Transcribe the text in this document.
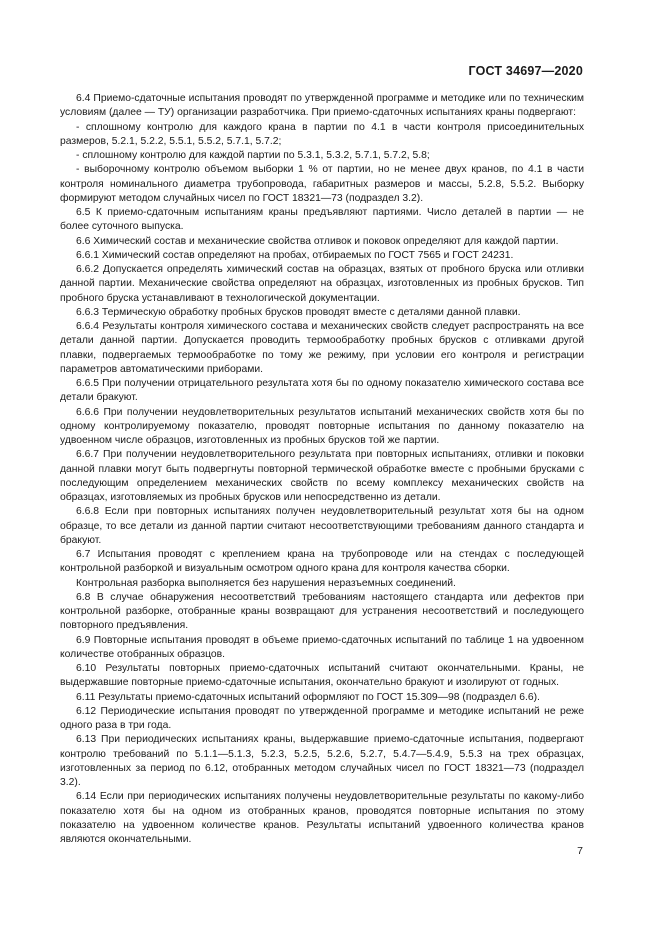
ГОСТ 34697—2020

6.4 Приемо-сдаточные испытания проводят по утвержденной программе и методике или по техническим условиям (далее — ТУ) организации разработчика. При приемо-сдаточных испытаниях краны подвергают:

- сплошному контролю для каждого крана в партии по 4.1 в части контроля присоединительных размеров, 5.2.1, 5.2.2, 5.5.1, 5.5.2, 5.7.1, 5.7.2;

- сплошному контролю для каждой партии по 5.3.1, 5.3.2, 5.7.1, 5.7.2, 5.8;

- выборочному контролю объемом выборки 1 % от партии, но не менее двух кранов, по 4.1 в части контроля номинального диаметра трубопровода, габаритных размеров и массы, 5.2.8, 5.5.2. Выборку формируют методом случайных чисел по ГОСТ 18321—73 (подраздел 3.2).

6.5 К приемо-сдаточным испытаниям краны предъявляют партиями. Число деталей в партии — не более суточного выпуска.

6.6 Химический состав и механические свойства отливок и поковок определяют для каждой партии.

6.6.1 Химический состав определяют на пробах, отбираемых по ГОСТ 7565 и ГОСТ 24231.

6.6.2 Допускается определять химический состав на образцах, взятых от пробного бруска или отливки данной партии. Механические свойства определяют на образцах, изготовленных из пробных брусков. Тип пробного бруска устанавливают в технологической документации.

6.6.3 Термическую обработку пробных брусков проводят вместе с деталями данной плавки.

6.6.4 Результаты контроля химического состава и механических свойств следует распространять на все детали данной партии. Допускается проводить термообработку пробных брусков с отливками другой плавки, подвергаемых термообработке по тому же режиму, при условии его контроля и регистрации параметров автоматическими приборами.

6.6.5 При получении отрицательного результата хотя бы по одному показателю химического состава все детали бракуют.

6.6.6 При получении неудовлетворительных результатов испытаний механических свойств хотя бы по одному контролируемому показателю, проводят повторные испытания по данному показателю на удвоенном числе образцов, изготовленных из пробных брусков той же партии.

6.6.7 При получении неудовлетворительного результата при повторных испытаниях, отливки и поковки данной плавки могут быть подвергнуты повторной термической обработке вместе с пробными брусками с последующим определением механических свойств по всему комплексу механических свойств на образцах, изготовляемых из пробных брусков или непосредственно из детали.

6.6.8 Если при повторных испытаниях получен неудовлетворительный результат хотя бы на одном образце, то все детали из данной партии считают несоответствующими требованиям данного стандарта и бракуют.

6.7 Испытания проводят с креплением крана на трубопроводе или на стендах с последующей контрольной разборкой и визуальным осмотром одного крана для контроля качества сборки.

Контрольная разборка выполняется без нарушения неразъемных соединений.

6.8 В случае обнаружения несоответствий требованиям настоящего стандарта или дефектов при контрольной разборке, отобранные краны возвращают для устранения несоответствий и последующего повторного предъявления.

6.9 Повторные испытания проводят в объеме приемо-сдаточных испытаний по таблице 1 на удвоенном количестве отобранных образцов.

6.10 Результаты повторных приемо-сдаточных испытаний считают окончательными. Краны, не выдержавшие повторные приемо-сдаточные испытания, окончательно бракуют и изолируют от годных.

6.11 Результаты приемо-сдаточных испытаний оформляют по ГОСТ 15.309—98 (подраздел 6.6).

6.12 Периодические испытания проводят по утвержденной программе и методике испытаний не реже одного раза в три года.

6.13 При периодических испытаниях краны, выдержавшие приемо-сдаточные испытания, подвергают контролю требований по 5.1.1—5.1.3, 5.2.3, 5.2.5, 5.2.6, 5.2.7, 5.4.7—5.4.9, 5.5.3 на трех образцах, изготовленных за период по 6.12, отобранных методом случайных чисел по ГОСТ 18321—73 (подраздел 3.2).

6.14 Если при периодических испытаниях получены неудовлетворительные результаты по какому-либо показателю хотя бы на одном из отобранных кранов, проводятся повторные испытания по этому показателю на удвоенном количестве кранов. Результаты испытаний удвоенного количества кранов являются окончательными.

7
